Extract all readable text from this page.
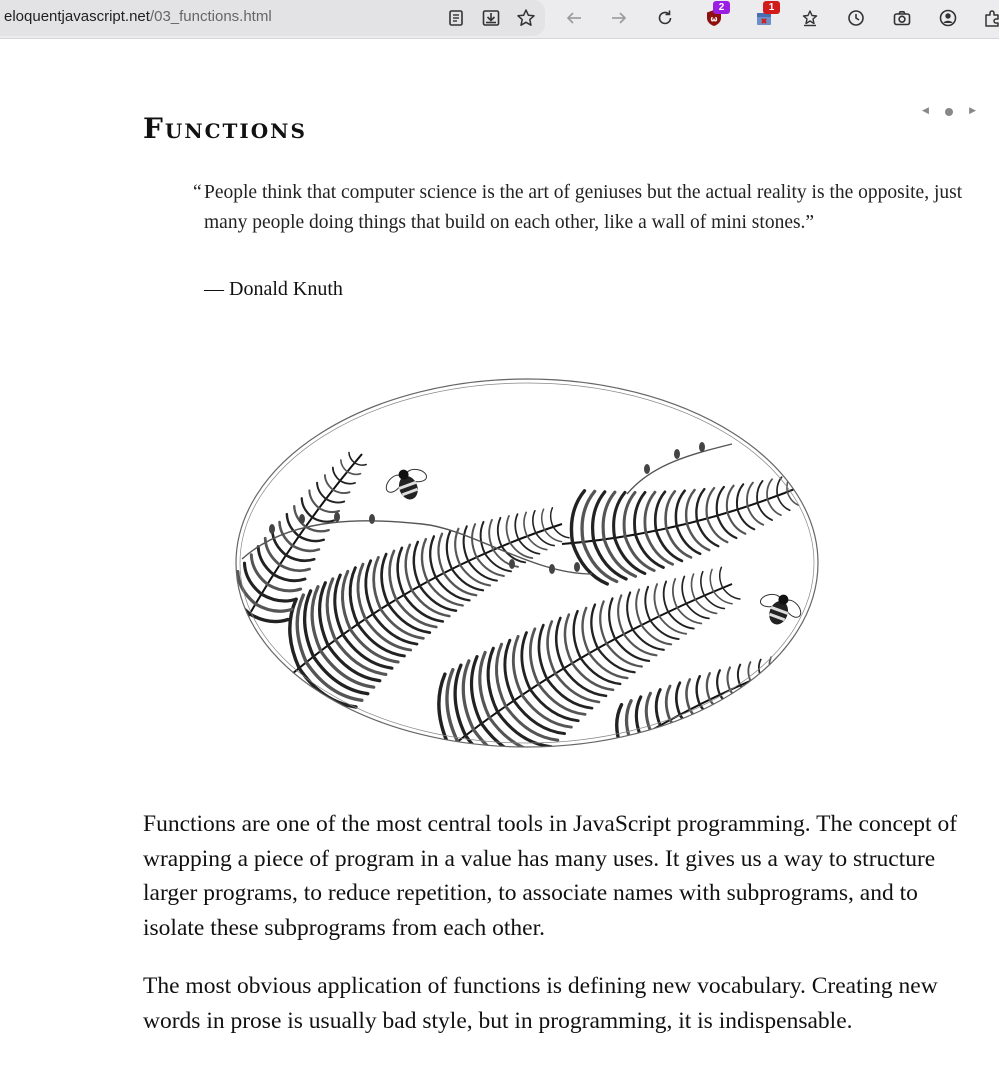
eloquentjavascript.net/03_functions.html	ω
2	1
Functions
◀	▶
“ People think that computer science is the art of geniuses but the actual reality is the opposite, just many people doing things that build on each other, like a wall of mini stones.”
— Donald Knuth

Functions are one of the most central tools in JavaScript programming. The concept of wrapping a piece of program in a value has many uses. It gives us a way to structure larger programs, to reduce repetition, to associate names with subprograms, and to isolate these subprograms from each other.

The most obvious application of functions is defining new vocabulary. Creating new words in prose is usually bad style, but in programming, it is indispensable.
